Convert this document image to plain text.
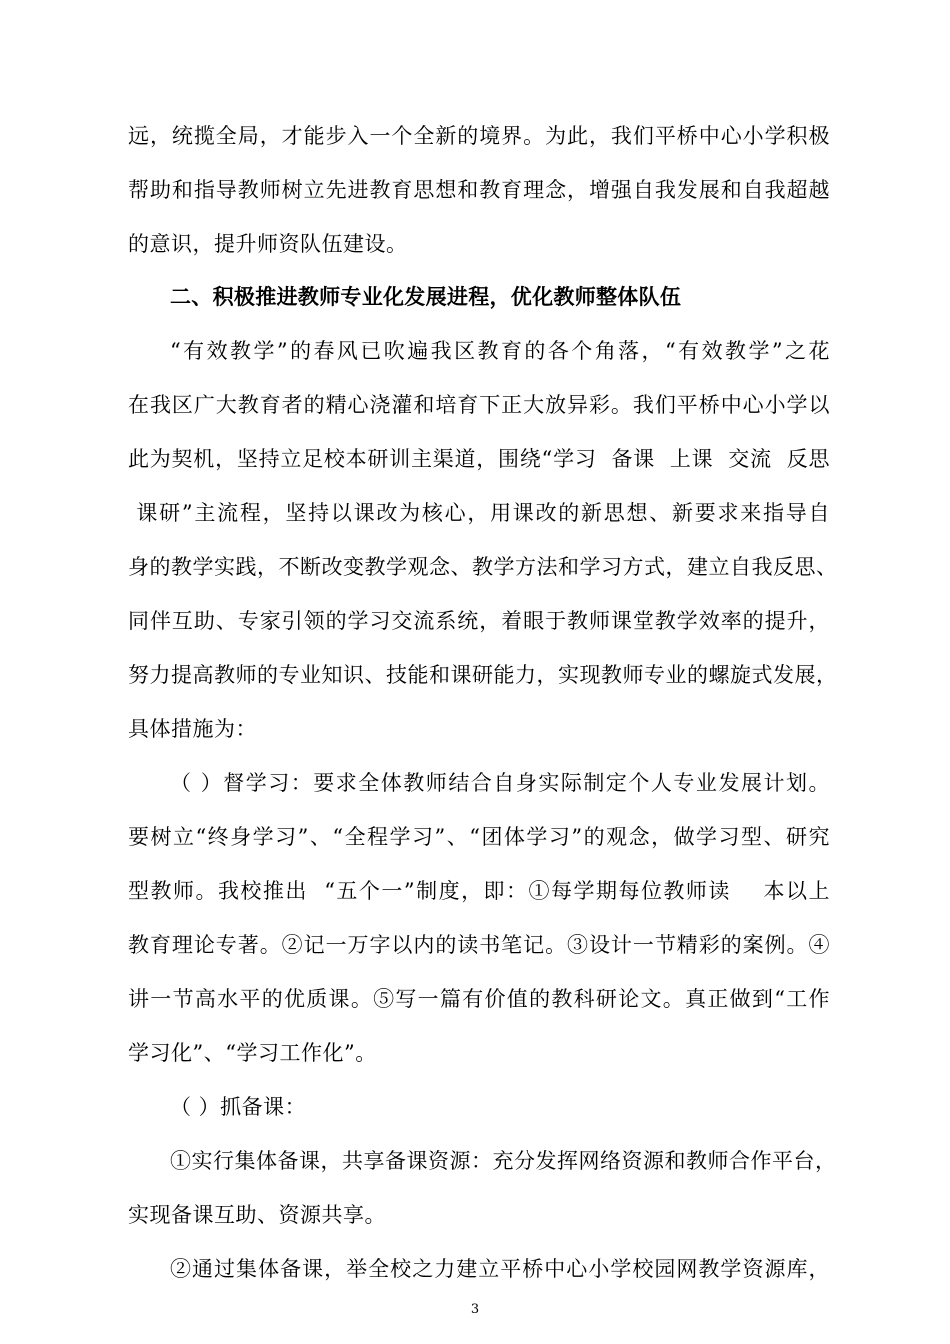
远，统揽全局，才能步入一个全新的境界。为此，我们平桥中心小学积极
帮助和指导教师树立先进教育思想和教育理念，增强自我发展和自我超越
的意识，提升师资队伍建设。
二、积极推进教师专业化发展进程，优化教师整体队伍
“有效教学”的春风已吹遍我区教育的各个角落，“有效教学”之花
在我区广大教育者的精心浇灌和培育下正大放异彩。我们平桥中心小学以
此为契机，坚持立足校本研训主渠道，围绕“学习  备课  上课  交流  反思
课研”主流程，坚持以课改为核心，用课改的新思想、新要求来指导自
身的教学实践，不断改变教学观念、教学方法和学习方式，建立自我反思、
同伴互助、专家引领的学习交流系统，着眼于教师课堂教学效率的提升，
努力提高教师的专业知识、技能和课研能力，实现教师专业的螺旋式发展，
具体措施为：
（ ）督学习：要求全体教师结合自身实际制定个人专业发展计划。
要树立“终身学习”、“全程学习”、“团体学习”的观念，做学习型、研究
型教师。我校推出  “五个一”制度，即：①每学期每位教师读    本以上
教育理论专著。②记一万字以内的读书笔记。③设计一节精彩的案例。④
讲一节高水平的优质课。⑤写一篇有价值的教科研论文。真正做到“工作
学习化”、“学习工作化”。
（ ）抓备课：
①实行集体备课，共享备课资源：充分发挥网络资源和教师合作平台，
实现备课互助、资源共享。
②通过集体备课，举全校之力建立平桥中心小学校园网教学资源库，
3
